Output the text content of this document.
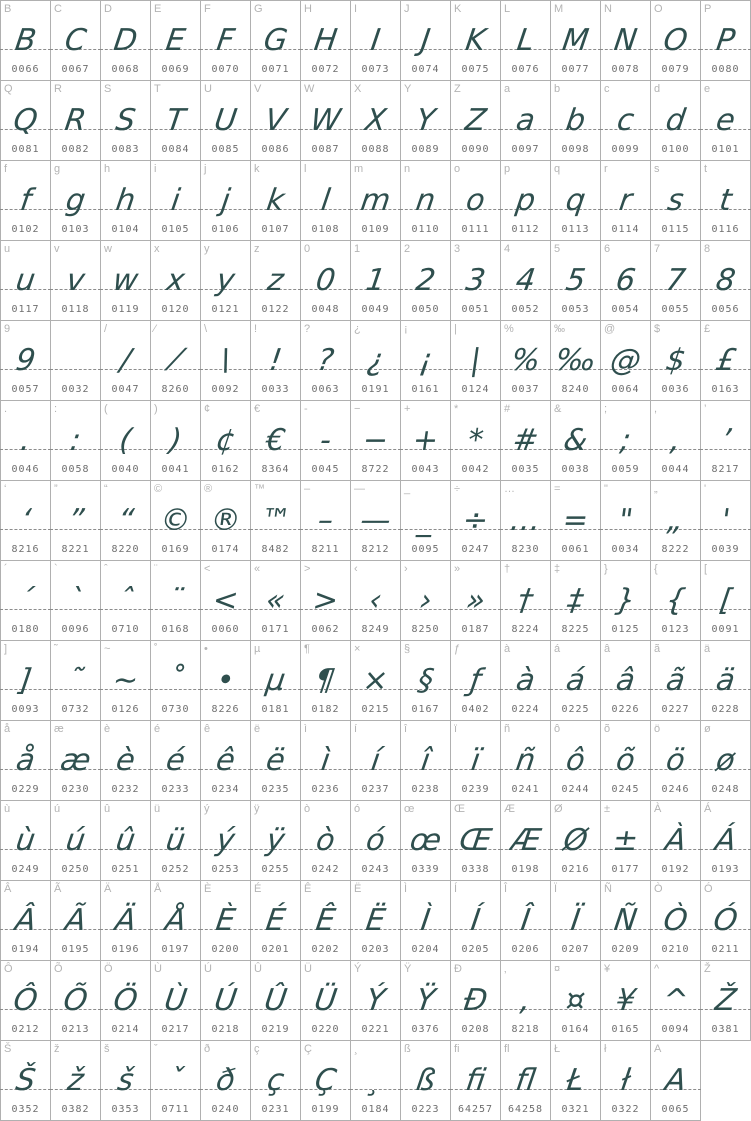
B
B
0066
C
C
0067
D
D
0068
E
E
0069
F
F
0070
G
G
0071
H
H
0072
I
I
0073
J
J
0074
K
K
0075
L
L
0076
M
M
0077
N
N
0078
O
O
0079
P
P
0080
Q
Q
0081
R
R
0082
S
S
0083
T
T
0084
U
U
0085
V
V
0086
W
W
0087
X
X
0088
Y
Y
0089
Z
Z
0090
a
a
0097
b
b
0098
c
c
0099
d
d
0100
e
e
0101
f
f
0102
g
g
0103
h
h
0104
i
i
0105
j
j
0106
k
k
0107
l
l
0108
m
m
0109
n
n
0110
o
o
0111
p
p
0112
q
q
0113
r
r
0114
s
s
0115
t
t
0116
u
u
0117
v
v
0118
w
w
0119
x
x
0120
y
y
0121
z
z
0122
0
0
0048
1
1
0049
2
2
0050
3
3
0051
4
4
0052
5
5
0053
6
6
0054
7
7
0055
8
8
0056
9
9
0057

	0032
/
/
0047
⁄
⁄
8260
\
\
0092
!
!
0033
?
?
0063
¿
¿
0191
¡
¡
0161
|
|
0124
%
%
0037
‰
‰
8240
@
@
0064
$
$
0036
£
£
0163
.
.
0046
:
:
0058
(
(
0040
)
)
0041
¢
¢
0162
€
€
8364
-
-
0045
−
−
8722
+
+
0043
*
*
0042
#
#
0035
&
&
0038
;
;
0059
,
,
0044
’
’
8217
‘
‘
8216
”
”
8221
“
“
8220
©
©
0169
®
®
0174
™
™
8482
–
–
8211
—
—
8212
_
_
0095
÷
÷
0247
…
…
8230
=
=
0061
"
"
0034
„
„
8222
'
'
0039
´
´
0180
`
`
0096
ˆ
ˆ
0710
¨
¨
0168
<
<
0060
«
«
0171
>
>
0062
‹
‹
8249
›
›
8250
»
»
0187
†
†
8224
‡
‡
8225
}
}
0125
{
{
0123
[
[
0091
]
]
0093
˜
˜
0732
~
~
0126
˚
˚
0730
•
•
8226
µ
µ
0181
¶
¶
0182
×
×
0215
§
§
0167
ƒ
ƒ
0402
à
à
0224
á
á
0225
â
â
0226
ã
ã
0227
ä
ä
0228
å
å
0229
æ
æ
0230
è
è
0232
é
é
0233
ê
ê
0234
ë
ë
0235
ì
ì
0236
í
í
0237
î
î
0238
ï
ï
0239
ñ
ñ
0241
ô
ô
0244
õ
õ
0245
ö
ö
0246
ø
ø
0248
ù
ù
0249
ú
ú
0250
û
û
0251
ü
ü
0252
ý
ý
0253
ÿ
ÿ
0255
ò
ò
0242
ó
ó
0243
œ
œ
0339
Œ
Œ
0338
Æ
Æ
0198
Ø
Ø
0216
±
±
0177
À
À
0192
Á
Á
0193
Â
Â
0194
Ã
Ã
0195
Ä
Ä
0196
Å
Å
0197
È
È
0200
É
É
0201
Ê
Ê
0202
Ë
Ë
0203
Ì
Ì
0204
Í
Í
0205
Î
Î
0206
Ï
Ï
0207
Ñ
Ñ
0209
Ò
Ò
0210
Ó
Ó
0211
Ô
Ô
0212
Õ
Õ
0213
Ö
Ö
0214
Ù
Ù
0217
Ú
Ú
0218
Û
Û
0219
Ü
Ü
0220
Ý
Ý
0221
Ÿ
Ÿ
0376
Đ
Đ
0208
‚
‚
8218
¤
¤
0164
¥
¥
0165
^
^
0094
Ž
Ž
0381
Š
Š
0352
ž
ž
0382
š
š
0353
ˇ
ˇ
0711
ð
ð
0240
ç
ç
0231
Ç
Ç
0199
¸
¸
0184
ß
ß
0223
ﬁ
ﬁ
64257
ﬂ
ﬂ
64258
Ł
Ł
0321
ł
ł
0322
A
A
0065
